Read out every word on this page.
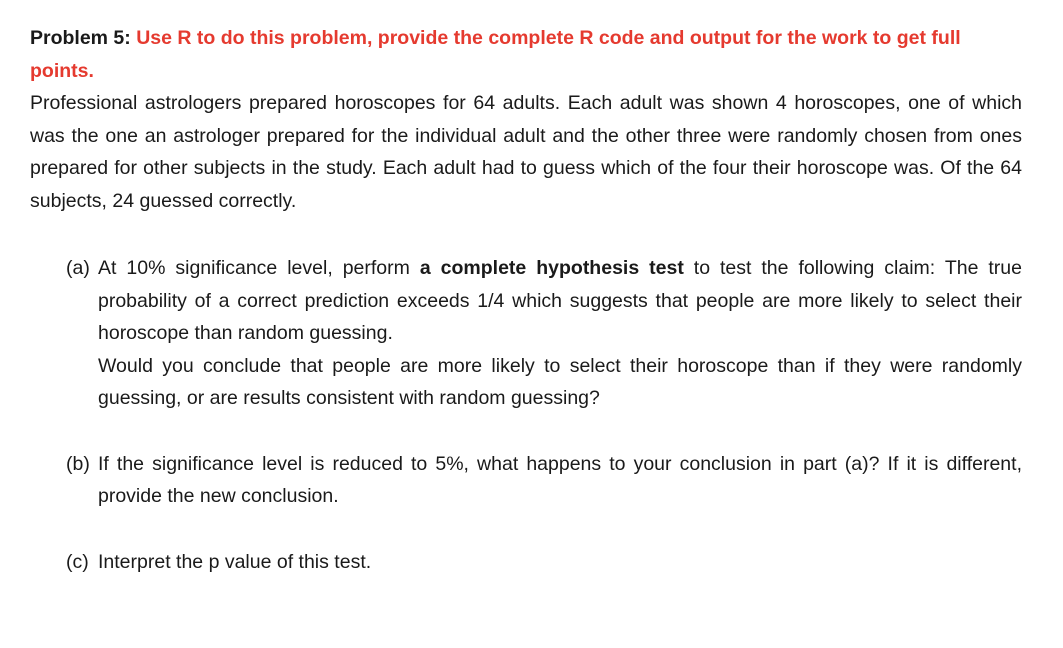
Problem 5: Use R to do this problem, provide the complete R code and output for the work to get full points.
Professional astrologers prepared horoscopes for 64 adults. Each adult was shown 4 horoscopes, one of which was the one an astrologer prepared for the individual adult and the other three were randomly chosen from ones prepared for other subjects in the study. Each adult had to guess which of the four their horoscope was. Of the 64 subjects, 24 guessed correctly.
(a) At 10% significance level, perform a complete hypothesis test to test the following claim: The true probability of a correct prediction exceeds 1/4 which suggests that people are more likely to select their horoscope than random guessing.

Would you conclude that people are more likely to select their horoscope than if they were randomly guessing, or are results consistent with random guessing?

(b) If the significance level is reduced to 5%, what happens to your conclusion in part (a)? If it is different, provide the new conclusion.
(c) Interpret the p value of this test.
